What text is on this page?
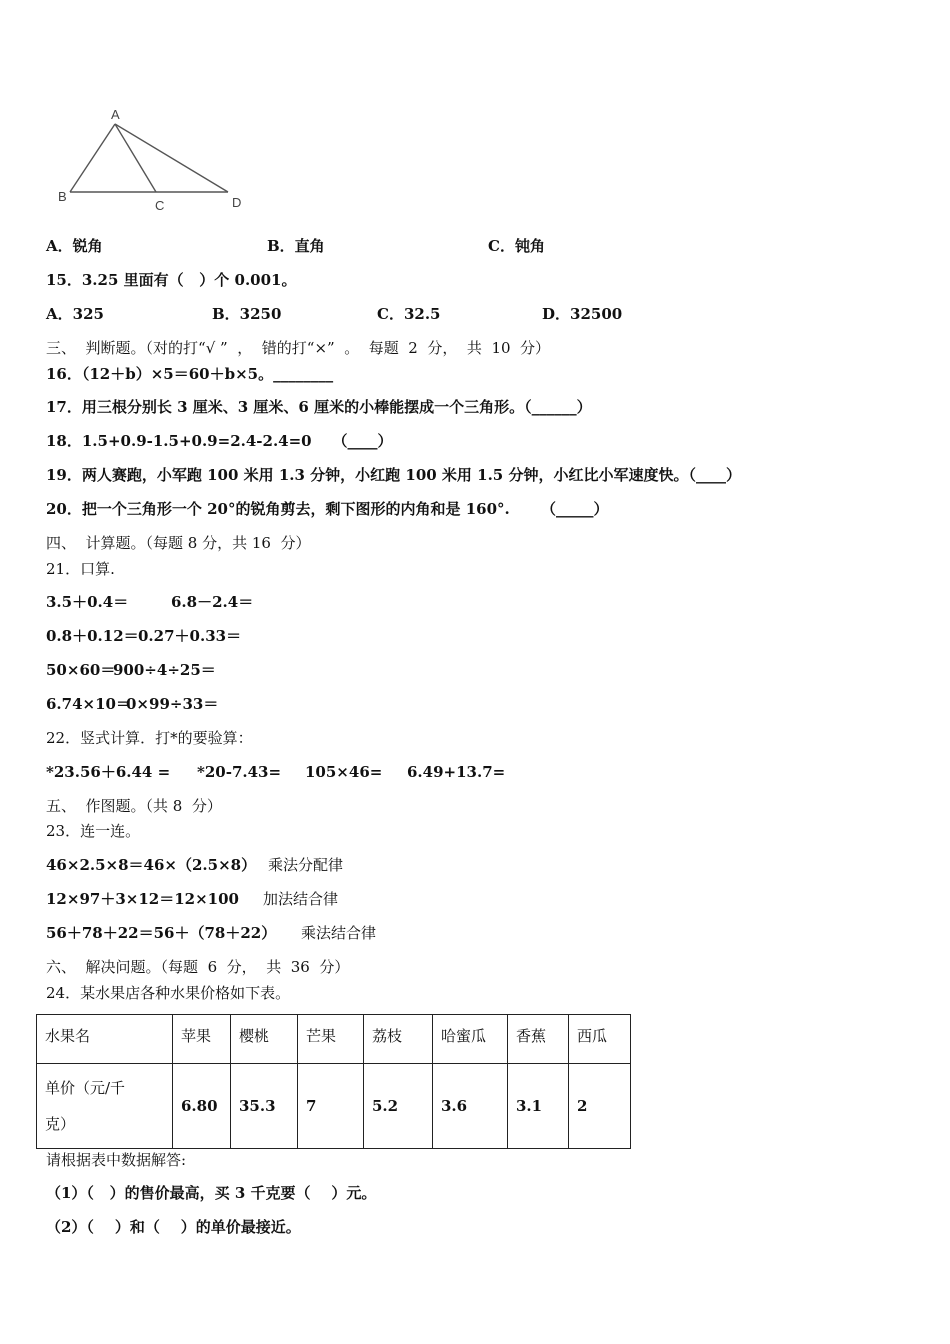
A
B
C	D
A．锐角	B．直角	C．钝角
15．3.25 里面有（   ）个 0.001。
A．325	B．3250	C．32.5	D．32500
三、  判断题。（对的打“√ ”  ，  错的打“×”  。  每题  2  分，  共  10  分）
16．（12＋b）×5＝60＋b×5。________
17．用三根分别长 3 厘米、3 厘米、6 厘米的小棒能摆成一个三角形。（______）
18．1.5+0.9-1.5+0.9=2.4-2.4=0    （____）
19．两人赛跑，小军跑 100 米用 1.3 分钟，小红跑 100 米用 1.5 分钟，小红比小军速度快。（____）
20．把一个三角形一个 20°的锐角剪去，剩下图形的内角和是 160°.      （_____）
四、  计算题。（每题 8 分，共 16  分）
21．口算.
3.5＋0.4＝	6.8－2.4＝
0.8＋0.12＝ 0.27＋0.33＝
50×60＝
900÷4÷25＝
6.74×10＝
0×99÷33＝
22．竖式计算．打*的要验算：
*23.56＋6.44 = *20-7.43= 105×46= 6.49+13.7=
五、  作图题。（共 8  分）
23．连一连。
46×2.5×8＝46×（2.5×8） 乘法分配律
12×97＋3×12＝12×100 加法结合律
56＋78＋22＝56＋（78＋22） 乘法结合律
六、  解决问题。（每题  6  分，  共  36  分）
24．某水果店各种水果价格如下表。
水果名	苹果	樱桃	芒果	荔枝	哈蜜瓜	香蕉	西瓜
单价（元/千
克）	6.80	35.3	7	5.2	3.6	3.1	2
请根据表中数据解答:
（1）（   ）的售价最高，买 3 千克要（    ）元。
（2）（    ）和（    ）的单价最接近。
